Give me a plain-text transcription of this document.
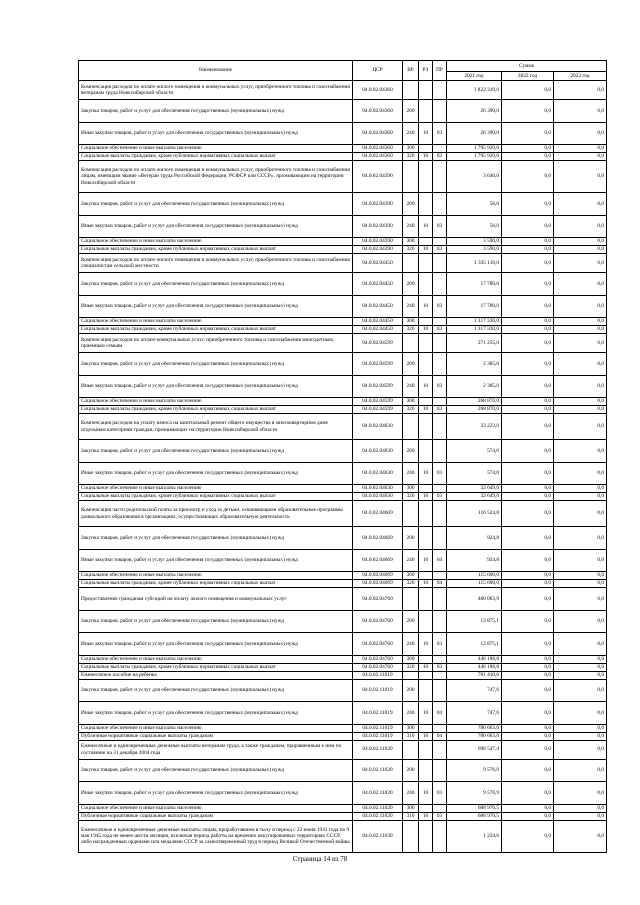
Наименование	ЦСР	ВР	РЗ	ПР	Сумма		
					2021 год	2022 год	2023 год
Компенсация расходов по оплате жилого помещения и коммунальных услуг, приобретенного топлива и газоснабжения ветеранам труда Новосибирской области	04.0.02.04360				1 822 310,0	0,0	0,0
Закупка товаров, работ и услуг для обеспечения государственных (муниципальных) нужд	04.0.02.04360	200			26 390,0	0,0	0,0
Иные закупки товаров, работ и услуг для обеспечения государственных (муниципальных) нужд	04.0.02.04360	240	10	03	26 390,0	0,0	0,0
Социальное обеспечение и иные выплаты населению	04.0.02.04360	300			1 795 920,0	0,0	0,0
Социальные выплаты гражданам, кроме публичных нормативных социальных выплат	04.0.02.04360	320	10	03	1 795 920,0	0,0	0,0
Компенсация расходов по оплате жилого помещения и коммунальных услуг, приобретенного топлива и газоснабжения лицам, имеющим звание «Ветеран труда Российской Федерации, РСФСР или СССР», проживающим на территории Новосибирской области	04.0.02.04390				3 646,0	0,0	0,0
Закупка товаров, работ и услуг для обеспечения государственных (муниципальных) нужд	04.0.02.04390	200			56,0	0,0	0,0
Иные закупки товаров, работ и услуг для обеспечения государственных (муниципальных) нужд	04.0.02.04390	240	10	03	56,0	0,0	0,0
Социальное обеспечение и иные выплаты населению	04.0.02.04390	300			3 590,0	0,0	0,0
Социальные выплаты гражданам, кроме публичных нормативных социальных выплат	04.0.02.04390	320	10	03	3 590,0	0,0	0,0
Компенсация расходов по оплате жилого помещения и коммунальных услуг, приобретенного топлива и газоснабжения специалистам сельской местности	04.0.02.04450				1 335 110,0	0,0	0,0
Закупка товаров, работ и услуг для обеспечения государственных (муниципальных) нужд	04.0.02.04450	200			17 780,0	0,0	0,0
Иные закупки товаров, работ и услуг для обеспечения государственных (муниципальных) нужд	04.0.02.04450	240	10	03	17 780,0	0,0	0,0
Социальное обеспечение и иные выплаты населению	04.0.02.04450	300			1 317 330,0	0,0	0,0
Социальные выплаты гражданам, кроме публичных нормативных социальных выплат	04.0.02.04450	320	10	03	1 317 330,0	0,0	0,0
Компенсация расходов по оплате коммунальных услуг, приобретенного топлива и газоснабжения многодетным, приемным семьям	04.0.02.04599				271 255,0	0,0	0,0
Закупка товаров, работ и услуг для обеспечения государственных (муниципальных) нужд	04.0.02.04599	200			2 385,0	0,0	0,0
Иные закупки товаров, работ и услуг для обеспечения государственных (муниципальных) нужд	04.0.02.04599	240	10	03	2 385,0	0,0	0,0
Социальное обеспечение и иные выплаты населению	04.0.02.04599	300			268 870,0	0,0	0,0
Социальные выплаты гражданам, кроме публичных нормативных социальных выплат	04.0.02.04599	320	10	03	268 870,0	0,0	0,0
Компенсация расходов на уплату взноса на капитальный ремонт общего имущества в многоквартирном доме отдельным категориям граждан, проживающих на территории Новосибирской области	04.0.02.04630				33 223,0	0,0	0,0
Закупка товаров, работ и услуг для обеспечения государственных (муниципальных) нужд	04.0.02.04630	200			574,0	0,0	0,0
Иные закупки товаров, работ и услуг для обеспечения государственных (муниципальных) нужд	04.0.02.04630	240	10	03	574,0	0,0	0,0
Социальное обеспечение и иные выплаты населению	04.0.02.04630	300			32 649,0	0,0	0,0
Социальные выплаты гражданам, кроме публичных нормативных социальных выплат	04.0.02.04630	320	10	03	32 649,0	0,0	0,0
Компенсация части родительской платы за присмотр и уход за детьми, осваивающими образовательные программы дошкольного образования в организациях, осуществляющих образовательную деятельность	04.0.02.04669				116 524,8	0,0	0,0
Закупка товаров, работ и услуг для обеспечения государственных (муниципальных) нужд	04.0.02.04669	200			924,8	0,0	0,0
Иные закупки товаров, работ и услуг для обеспечения государственных (муниципальных) нужд	04.0.02.04669	240	10	04	924,8	0,0	0,0
Социальное обеспечение и иные выплаты населению	04.0.02.04669	300			115 600,0	0,0	0,0
Социальные выплаты гражданам, кроме публичных нормативных социальных выплат	04.0.02.04669	320	10	04	115 600,0	0,0	0,0
Предоставление гражданам субсидий на оплату жилого помещения и коммунальных услуг	04.0.02.04760				460 063,9	0,0	0,0
Закупка товаров, работ и услуг для обеспечения государственных (муниципальных) нужд	04.0.02.04760	200			13 875,1	0,0	0,0
Иные закупки товаров, работ и услуг для обеспечения государственных (муниципальных) нужд	04.0.02.04760	240	10	03	13 875,1	0,0	0,0
Социальное обеспечение и иные выплаты населению	04.0.02.04760	300			446 188,8	0,0	0,0
Социальные выплаты гражданам, кроме публичных нормативных социальных выплат	04.0.02.04760	320	10	03	446 188,8	0,0	0,0
Ежемесячное пособие на ребенка	04.0.02.11019				781 410,6	0,0	0,0
Закупка товаров, работ и услуг для обеспечения государственных (муниципальных) нужд	04.0.02.11019	200			747,6	0,0	0,0
Иные закупки товаров, работ и услуг для обеспечения государственных (муниципальных) нужд	04.0.02.11019	240	10	04	747,6	0,0	0,0
Социальное обеспечение и иные выплаты населению	04.0.02.11019	300			780 663,0	0,0	0,0
Публичные нормативные социальные выплаты гражданам	04.0.02.11019	310	10	04	780 663,0	0,0	0,0
Ежемесячные и единовременные денежные выплаты ветеранам труда, а также гражданам, приравненным к ним по состоянию на 31 декабря 2004 года	04.0.02.11020				698 547,4	0,0	0,0
Закупка товаров, работ и услуг для обеспечения государственных (муниципальных) нужд	04.0.02.11020	200			9 576,9	0,0	0,0
Иные закупки товаров, работ и услуг для обеспечения государственных (муниципальных) нужд	04.0.02.11020	240	10	03	9 576,9	0,0	0,0
Социальное обеспечение и иные выплаты населению	04.0.02.11020	300			688 970,5	0,0	0,0
Публичные нормативные социальные выплаты гражданам	04.0.02.11020	310	10	03	688 970,5	0,0	0,0
Ежемесячные и единовременные денежные выплаты лицам, проработавшим в тылу в период с 22 июня 1941 года по 9 мая 1945 года не менее шести месяцев, исключая период работы на временно оккупированных территориях СССР, либо награжденным орденами или медалями СССР за самоотверженный труд в период Великой Отечественной войны	04.0.02.11030				1 234,6	0,0	0,0
Страница 14 из 78
